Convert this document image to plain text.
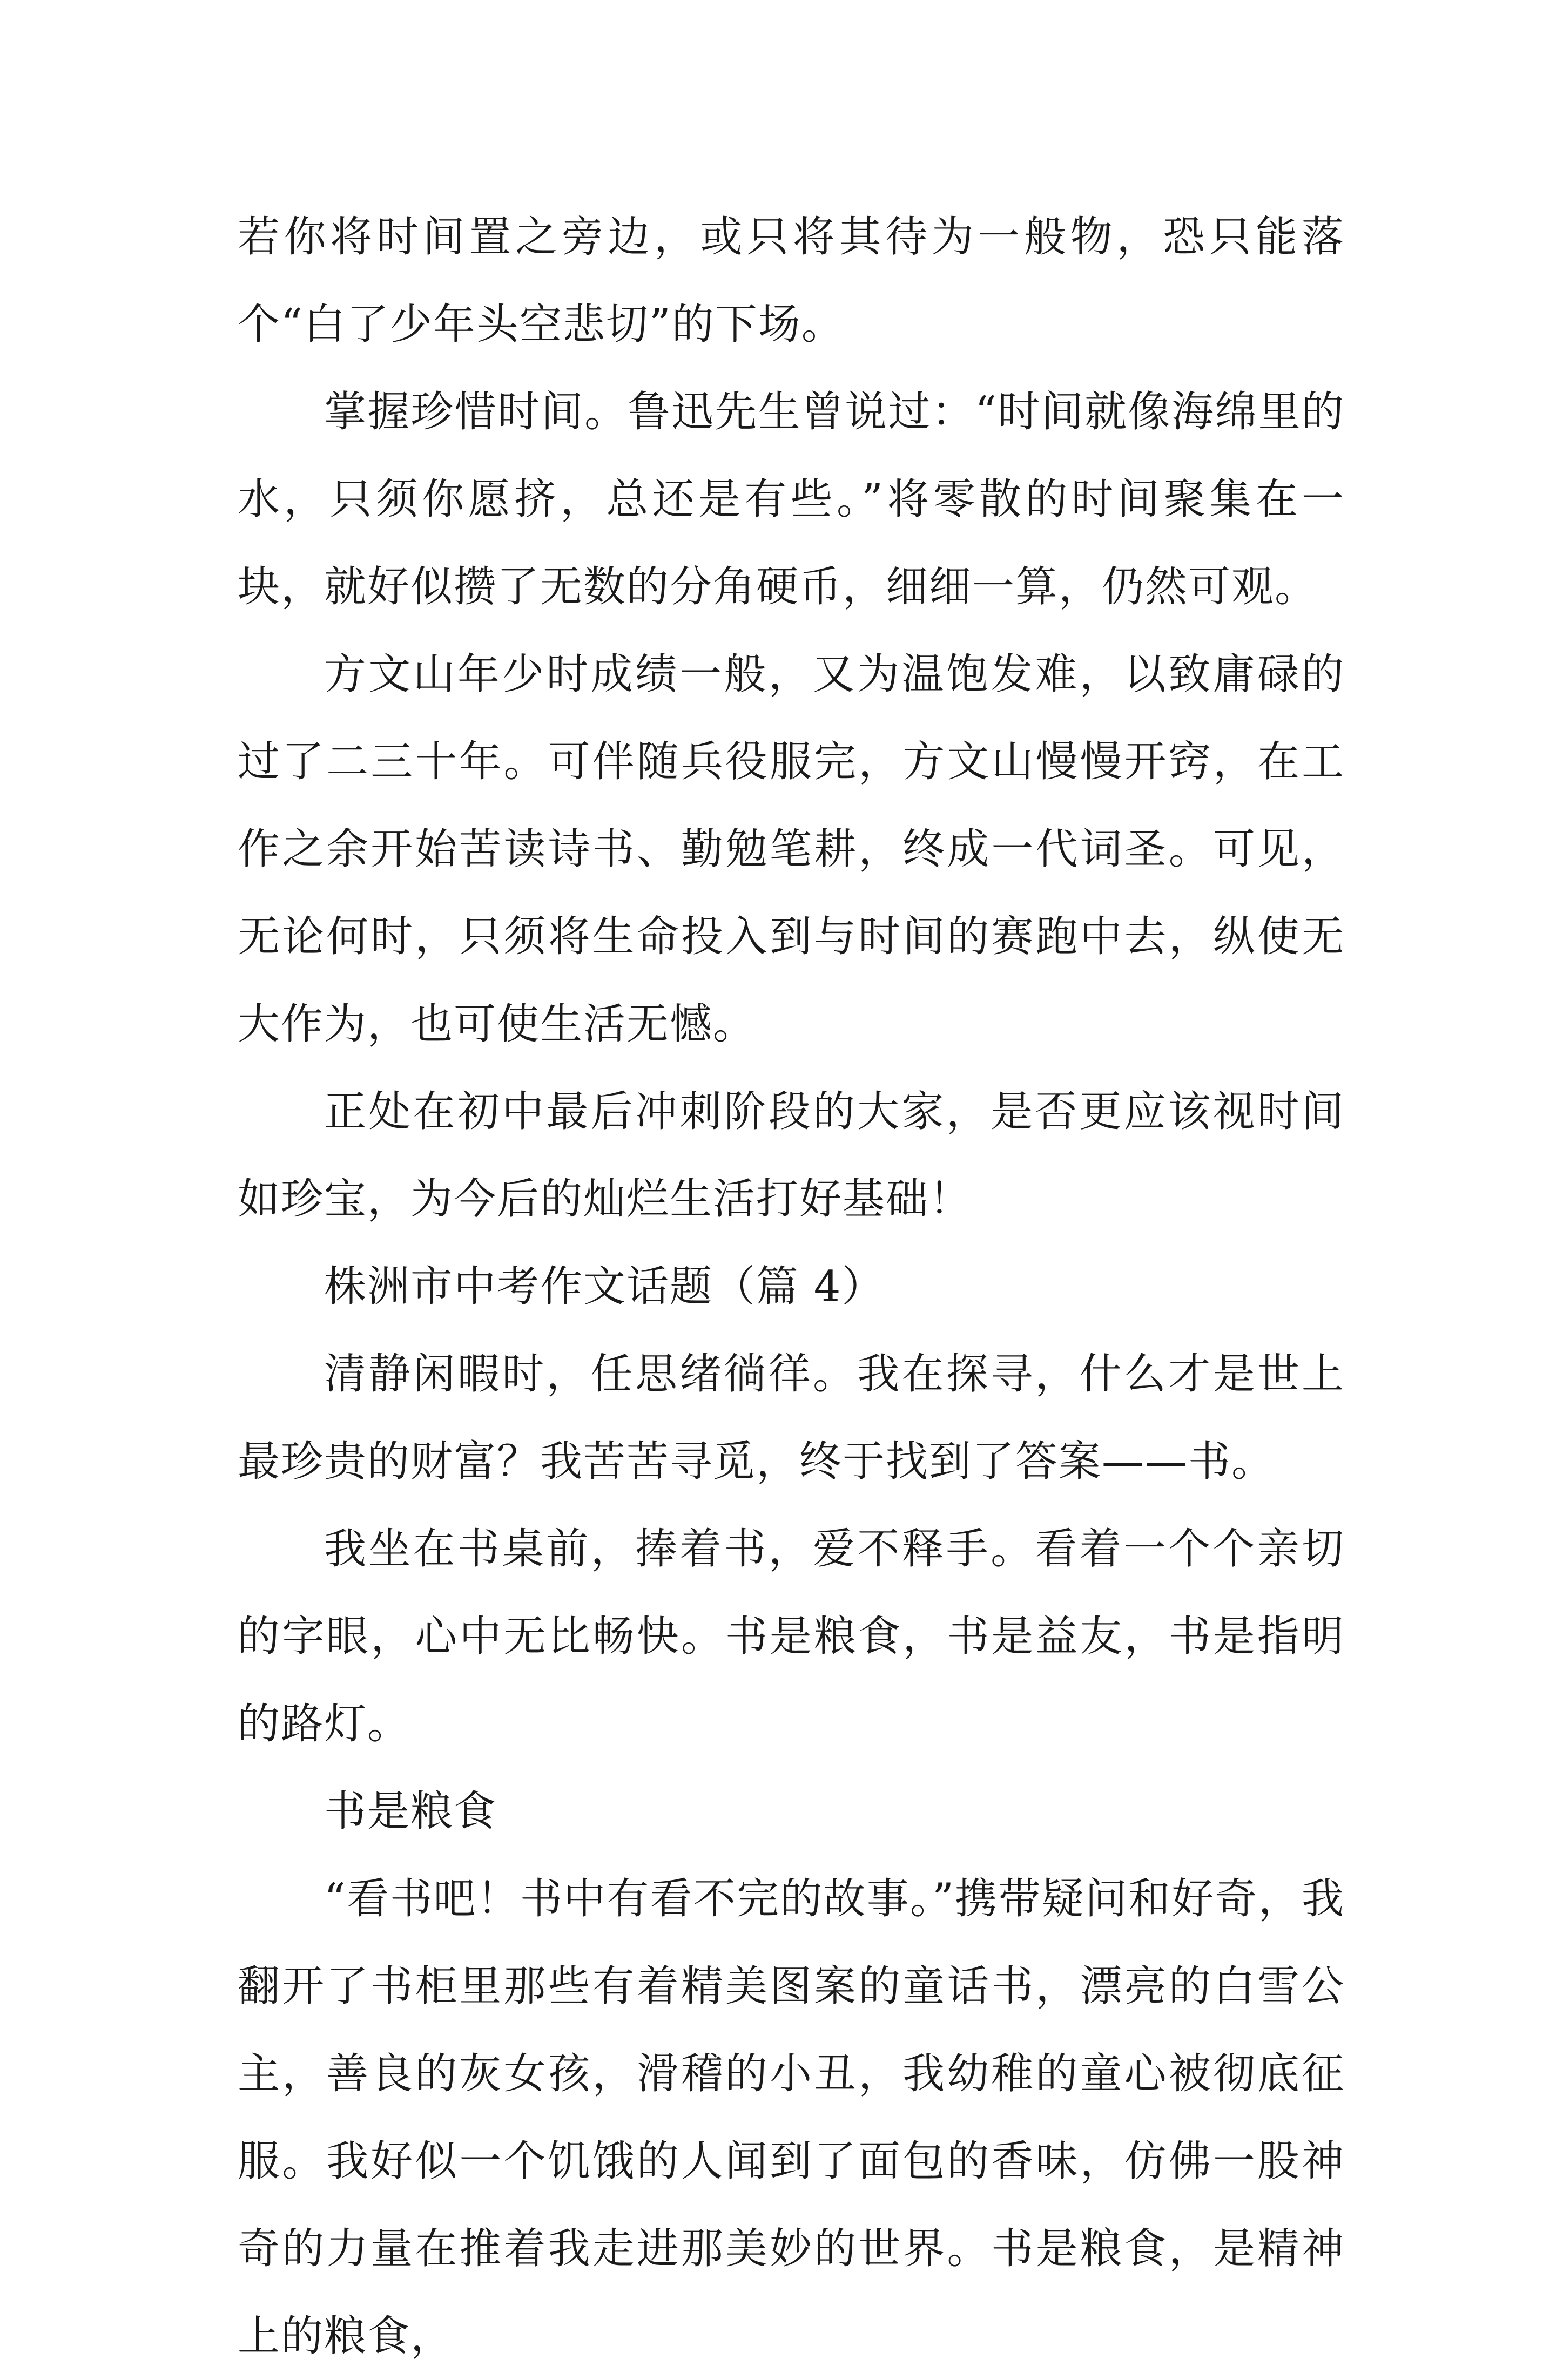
若你将时间置之旁边，或只将其待为一般物，恐只能落个“白了少年头空悲切”的下场。

掌握珍惜时间。鲁迅先生曾说过：“时间就像海绵里的水，只须你愿挤，总还是有些。”将零散的时间聚集在一块，就好似攒了无数的分角硬币，细细一算，仍然可观。

方文山年少时成绩一般，又为温饱发难，以致庸碌的过了二三十年。可伴随兵役服完，方文山慢慢开窍，在工作之余开始苦读诗书、勤勉笔耕，终成一代词圣。可见，无论何时，只须将生命投入到与时间的赛跑中去，纵使无大作为，也可使生活无憾。

正处在初中最后冲刺阶段的大家，是否更应该视时间如珍宝，为今后的灿烂生活打好基础！

株洲市中考作文话题（篇 4）

清静闲暇时，任思绪徜徉。我在探寻，什么才是世上最珍贵的财富？我苦苦寻觅，终于找到了答案——书。

我坐在书桌前，捧着书，爱不释手。看着一个个亲切的字眼，心中无比畅快。书是粮食，书是益友，书是指明的路灯。

书是粮食

“看书吧！书中有看不完的故事。”携带疑问和好奇，我翻开了书柜里那些有着精美图案的童话书，漂亮的白雪公主，善良的灰女孩，滑稽的小丑，我幼稚的童心被彻底征服。我好似一个饥饿的人闻到了面包的香味，仿佛一股神奇的力量在推着我走进那美妙的世界。书是粮食，是精神上的粮食，
